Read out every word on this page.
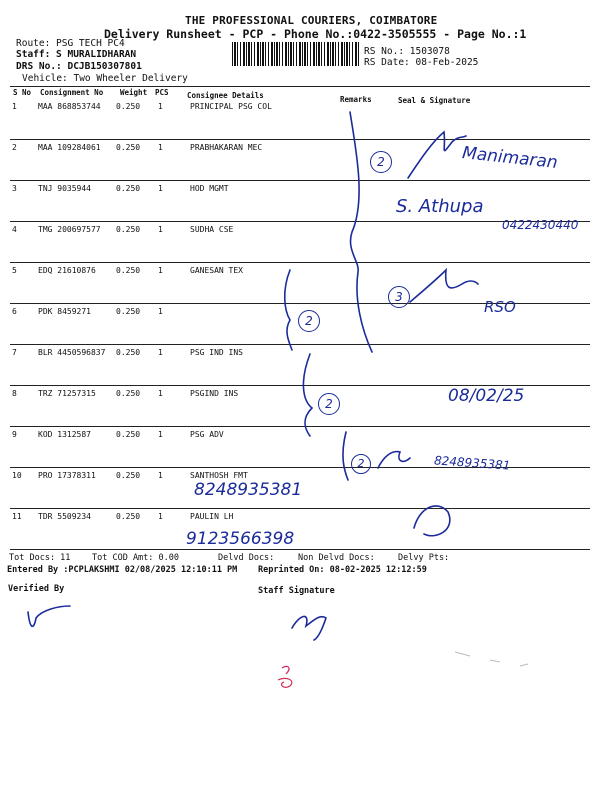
THE PROFESSIONAL COURIERS, COIMBATORE
Delivery Runsheet - PCP - Phone No.:0422-3505555 - Page No.:1
Route: PSG TECH PC4
Staff: S MURALIDHARAN
DRS No.: DCJB150307801
Vehicle: Two Wheeler Delivery
RS No.: 1503078
RS Date: 08-Feb-2025
S No Consignment No Weight PCS Consignee Details	Remarks	Seal & Signature
1	MAA 868853744 0.250 1	PRINCIPAL PSG COL
2	MAA 109284061 0.250 1	PRABHAKARAN MEC
3	TNJ 9035944	0.250 1	HOD MGMT
4	TMG 200697577 0.250 1	SUDHA CSE
5	EDQ 21610876	0.250 1	GANESAN TEX
6	PDK 8459271	0.250 1
7	BLR 4450596837 0.250 1	PSG IND INS
8	TRZ 71257315	0.250 1	PSGIND INS
9	KOD 1312587	0.250 1	PSG ADV
10 PRO 17378311	0.250 1	SANTHOSH FMT
11 TDR 5509234	0.250 1	PAULIN LH
Tot Docs: 11	Tot COD Amt: 0.00	Delvd Docs:	Non Delvd Docs:	Delvy Pts:
Entered By :PCPLAKSHMI 02/08/2025 12:10:11 PM Reprinted On: 08-02-2025 12:12:59
Verified By	Staff Signature
Manimaran
S. Athupa
0422430440
RSO
08/02/25
8248935381
8248935381
9123566398
2
3
2
2
2
